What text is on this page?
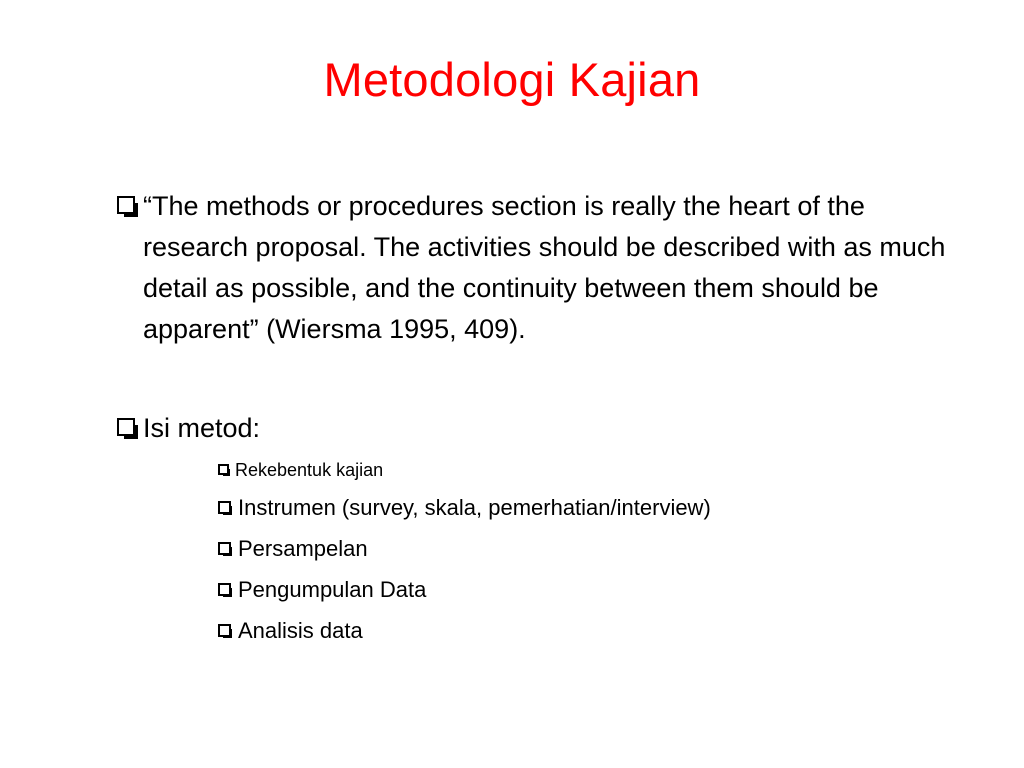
Metodologi Kajian
“The methods or procedures section is really the heart of the research proposal. The activities should be described with as much detail as possible, and the continuity between them should be apparent” (Wiersma 1995, 409).
Isi metod:
Rekebentuk kajian
Instrumen (survey, skala, pemerhatian/interview)
Persampelan
Pengumpulan Data
Analisis data
